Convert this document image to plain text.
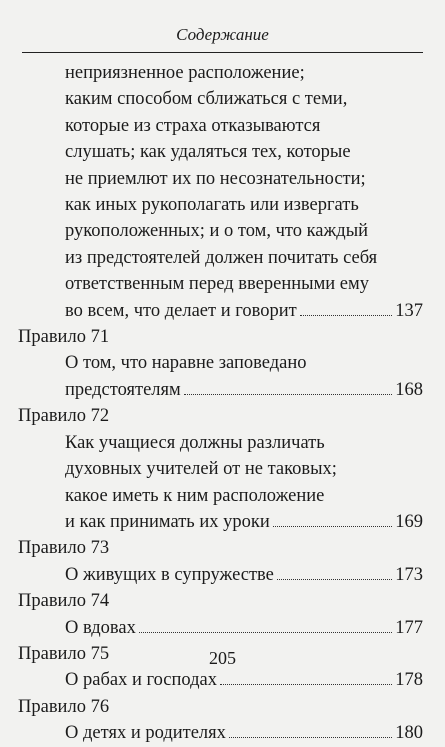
Содержание
неприязненное расположение;
каким способом сближаться с теми,
которые из страха отказываются
слушать; как удаляться тех, которые
не приемлют их по несознательности;
как иных рукополагать или извергать
рукоположенных; и о том, что каждый
из предстоятелей должен почитать себя
ответственным перед вверенными ему
во всем, что делает и говорит	137
Правило 71
О том, что наравне заповедано
предстоятелям	168
Правило 72
Как учащиеся должны различать
духовных учителей от не таковых;
какое иметь к ним расположение
и как принимать их уроки	169
Правило 73
О живущих в супружестве	173
Правило 74
О вдовах	177
Правило 75
О рабах и господах	178
Правило 76
О детях и родителях	180
205
